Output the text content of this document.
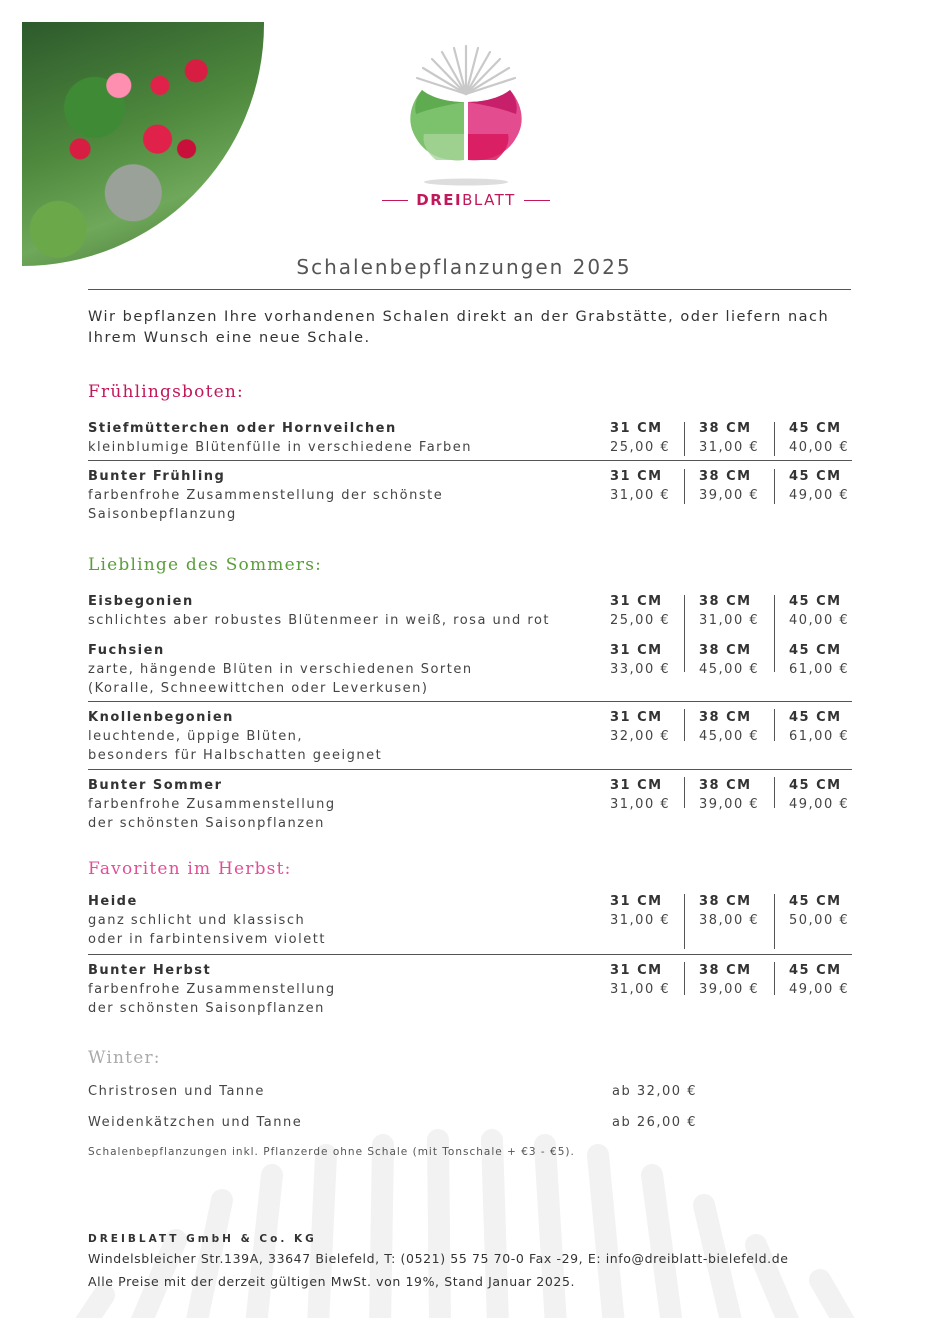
DREIBLATT
Schalenbepflanzungen 2025
Wir bepflanzen Ihre vorhandenen Schalen direkt an der Grabstätte, oder liefern nach Ihrem Wunsch eine neue Schale.
Frühlingsboten:
Stiefmütterchen oder Hornveilchen
kleinblumige Blütenfülle in verschiedene Farben
31 CM
25,00 €
38 CM
31,00 €
45 CM
40,00 €
Bunter Frühling
farbenfrohe Zusammenstellung der schönste
Saisonbepflanzung
31 CM
31,00 €
38 CM
39,00 €
45 CM
49,00 €
Lieblinge des Sommers:
Eisbegonien
schlichtes aber robustes Blütenmeer in weiß, rosa und rot
31 CM
25,00 €
38 CM
31,00 €
45 CM
40,00 €
Fuchsien
zarte, hängende Blüten in verschiedenen Sorten
(Koralle, Schneewittchen oder Leverkusen)
31 CM
33,00 €
38 CM
45,00 €
45 CM
61,00 €
Knollenbegonien
leuchtende, üppige Blüten,
besonders für Halbschatten geeignet
31 CM
32,00 €
38 CM
45,00 €
45 CM
61,00 €
Bunter Sommer
farbenfrohe Zusammenstellung
der schönsten Saisonpflanzen
31 CM
31,00 €
38 CM
39,00 €
45 CM
49,00 €
Favoriten im Herbst:
Heide
ganz schlicht und klassisch
oder in farbintensivem violett
31 CM
31,00 €
38 CM
38,00 €
45 CM
50,00 €
Bunter Herbst
farbenfrohe Zusammenstellung
der schönsten Saisonpflanzen
31 CM
31,00 €
38 CM
39,00 €
45 CM
49,00 €
Winter:
Christrosen und Tanne	ab 32,00 €
Weidenkätzchen und Tanne	ab 26,00 €
Schalenbepflanzungen inkl. Pflanzerde ohne Schale (mit Tonschale + €3 - €5).
DREIBLATT GmbH & Co. KG
Windelsbleicher Str.139A, 33647 Bielefeld, T: (0521) 55 75 70-0 Fax -29, E: info@dreiblatt-bielefeld.de
Alle Preise mit der derzeit gültigen MwSt. von 19%, Stand Januar 2025.
